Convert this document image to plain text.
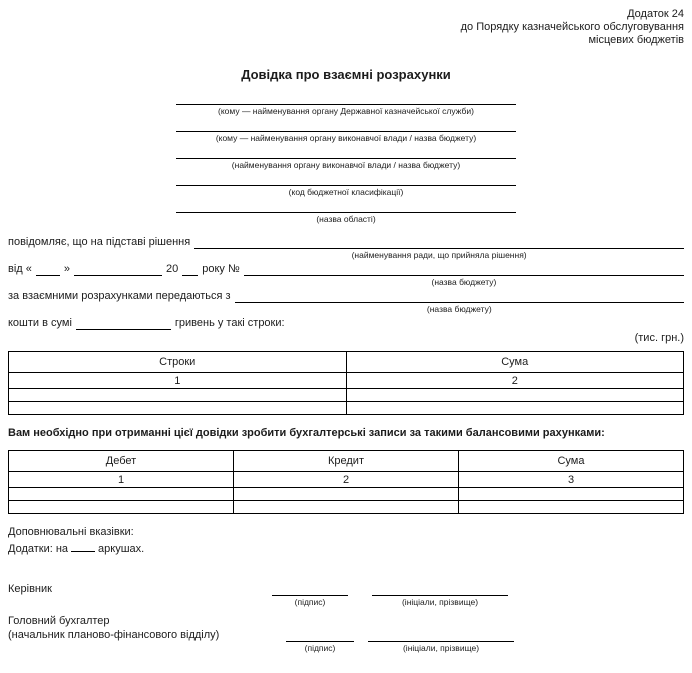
Додаток 24
до Порядку казначейського обслуговування
місцевих бюджетів
Довідка про взаємні розрахунки
(кому — найменування органу Державної казначейської служби)
(кому — найменування органу виконавчої влади / назва бюджету)
(найменування органу виконавчої влади / назва бюджету)
(код бюджетної класифікації)
(назва області)
повідомляє, що на підставі рішення
(найменування ради, що прийняла рішення)
від «	»	20 року №
(назва бюджету)
за взаємними розрахунками передаються з
(назва бюджету)
кошти в сумі	гривень у такі строки:
(тис. грн.)
Строки	Сума
1	2

Вам необхідно при отриманні цієї довідки зробити бухгалтерські записи за такими балансовими рахунками:
Дебет	Кредит	Сума
1	2	3

Доповнювальні вказівки:
Додатки: на	аркушах.
Керівник
(підпис)	(ініціали, прізвище)
Головний бухгалтер
(начальник планово-фінансового відділу)
(підпис)	(ініціали, прізвище)
